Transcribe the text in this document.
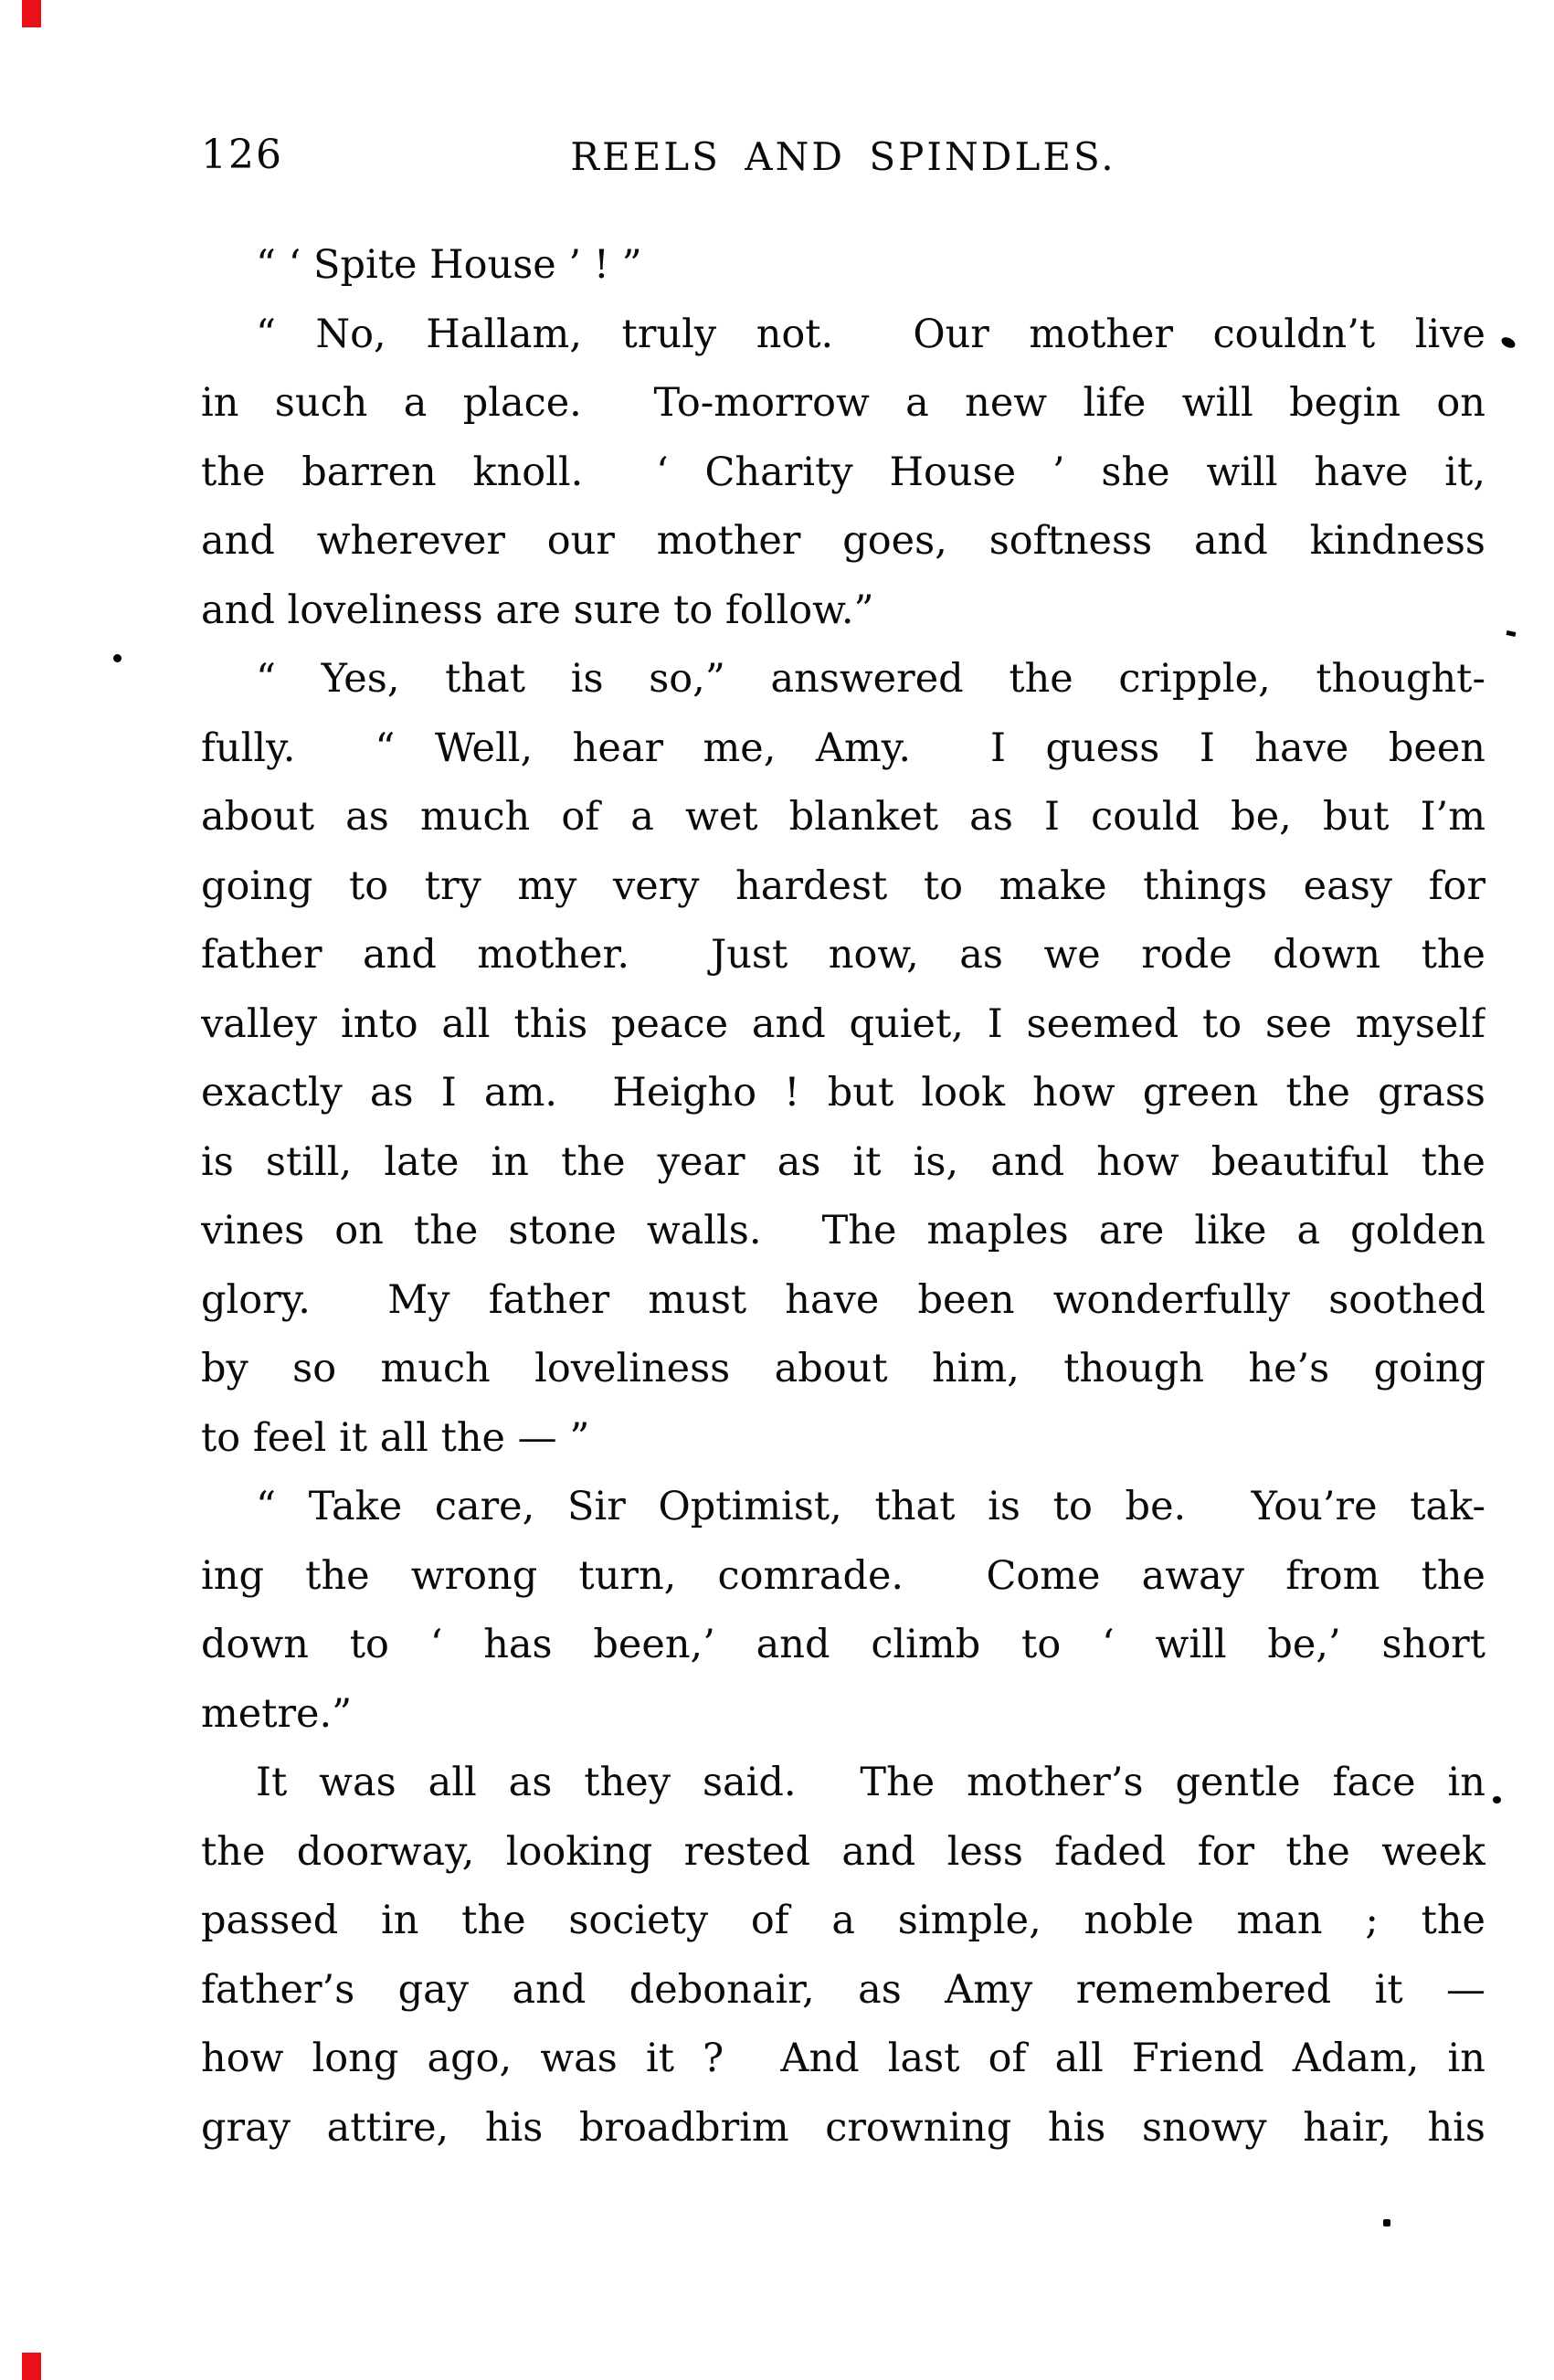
126	REELS AND SPINDLES.
“ ‘ Spite House ’ ! ”
“ No, Hallam, truly not.  Our mother couldn’t live
in such a place.  To-morrow a new life will begin on
the barren knoll.  ‘ Charity House ’ she will have it,
and wherever our mother goes, softness and kindness
and loveliness are sure to follow.”
“ Yes, that is so,” answered the cripple, thought-
fully.  “ Well, hear me, Amy.  I guess I have been
about as much of a wet blanket as I could be, but I’m
going to try my very hardest to make things easy for
father and mother.  Just now, as we rode down the
valley into all this peace and quiet, I seemed to see myself
exactly as I am.  Heigho ! but look how green the grass
is still, late in the year as it is, and how beautiful the
vines on the stone walls.  The maples are like a golden
glory.  My father must have been wonderfully soothed
by so much loveliness about him, though he’s going
to feel it all the — ”
“ Take care, Sir Optimist, that is to be.  You’re tak-
ing the wrong turn, comrade.  Come away from the
down to ‘ has been,’ and climb to ‘ will be,’ short
metre.”
It was all as they said.  The mother’s gentle face in
the doorway, looking rested and less faded for the week
passed in the society of a simple, noble man ; the
father’s gay and debonair, as Amy remembered it —
how long ago, was it ?  And last of all Friend Adam, in
gray attire, his broadbrim crowning his snowy hair, his
